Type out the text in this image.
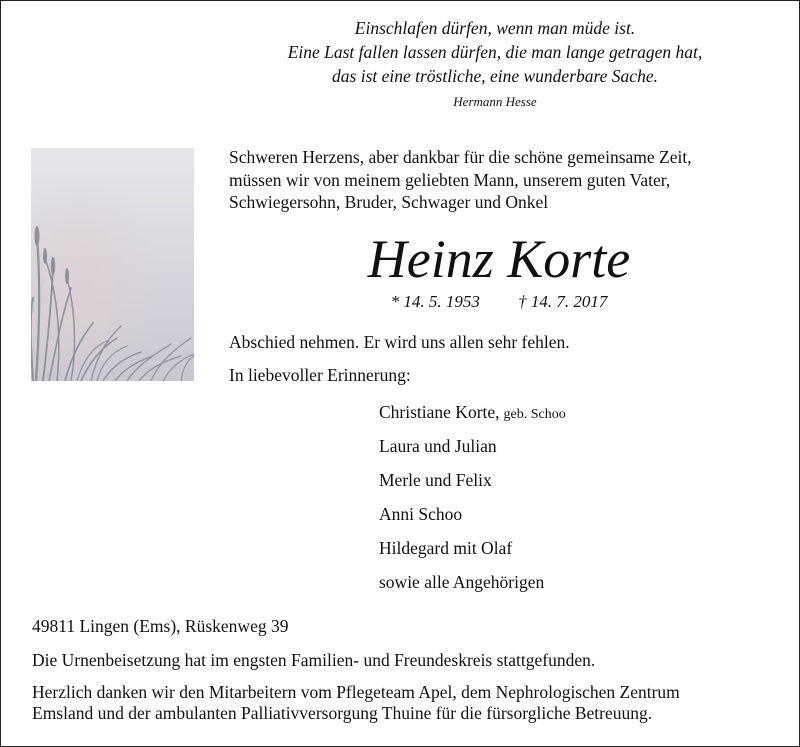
Einschlafen dürfen, wenn man müde ist.
Eine Last fallen lassen dürfen, die man lange getragen hat,
das ist eine tröstliche, eine wunderbare Sache.
Hermann Hesse
Schweren Herzens, aber dankbar für die schöne gemeinsame Zeit,
müssen wir von meinem geliebten Mann, unserem guten Vater,
Schwiegersohn, Bruder, Schwager und Onkel
Heinz Korte
* 14. 5. 1953 † 14. 7. 2017
Abschied nehmen. Er wird uns allen sehr fehlen.
In liebevoller Erinnerung:
Christiane Korte, geb. Schoo
Laura und Julian
Merle und Felix
Anni Schoo
Hildegard mit Olaf
sowie alle Angehörigen
49811 Lingen (Ems), Rüskenweg 39
Die Urnenbeisetzung hat im engsten Familien- und Freundeskreis stattgefunden.
Herzlich danken wir den Mitarbeitern vom Pflegeteam Apel, dem Nephrologischen Zentrum
Emsland und der ambulanten Palliativversorgung Thuine für die fürsorgliche Betreuung.
